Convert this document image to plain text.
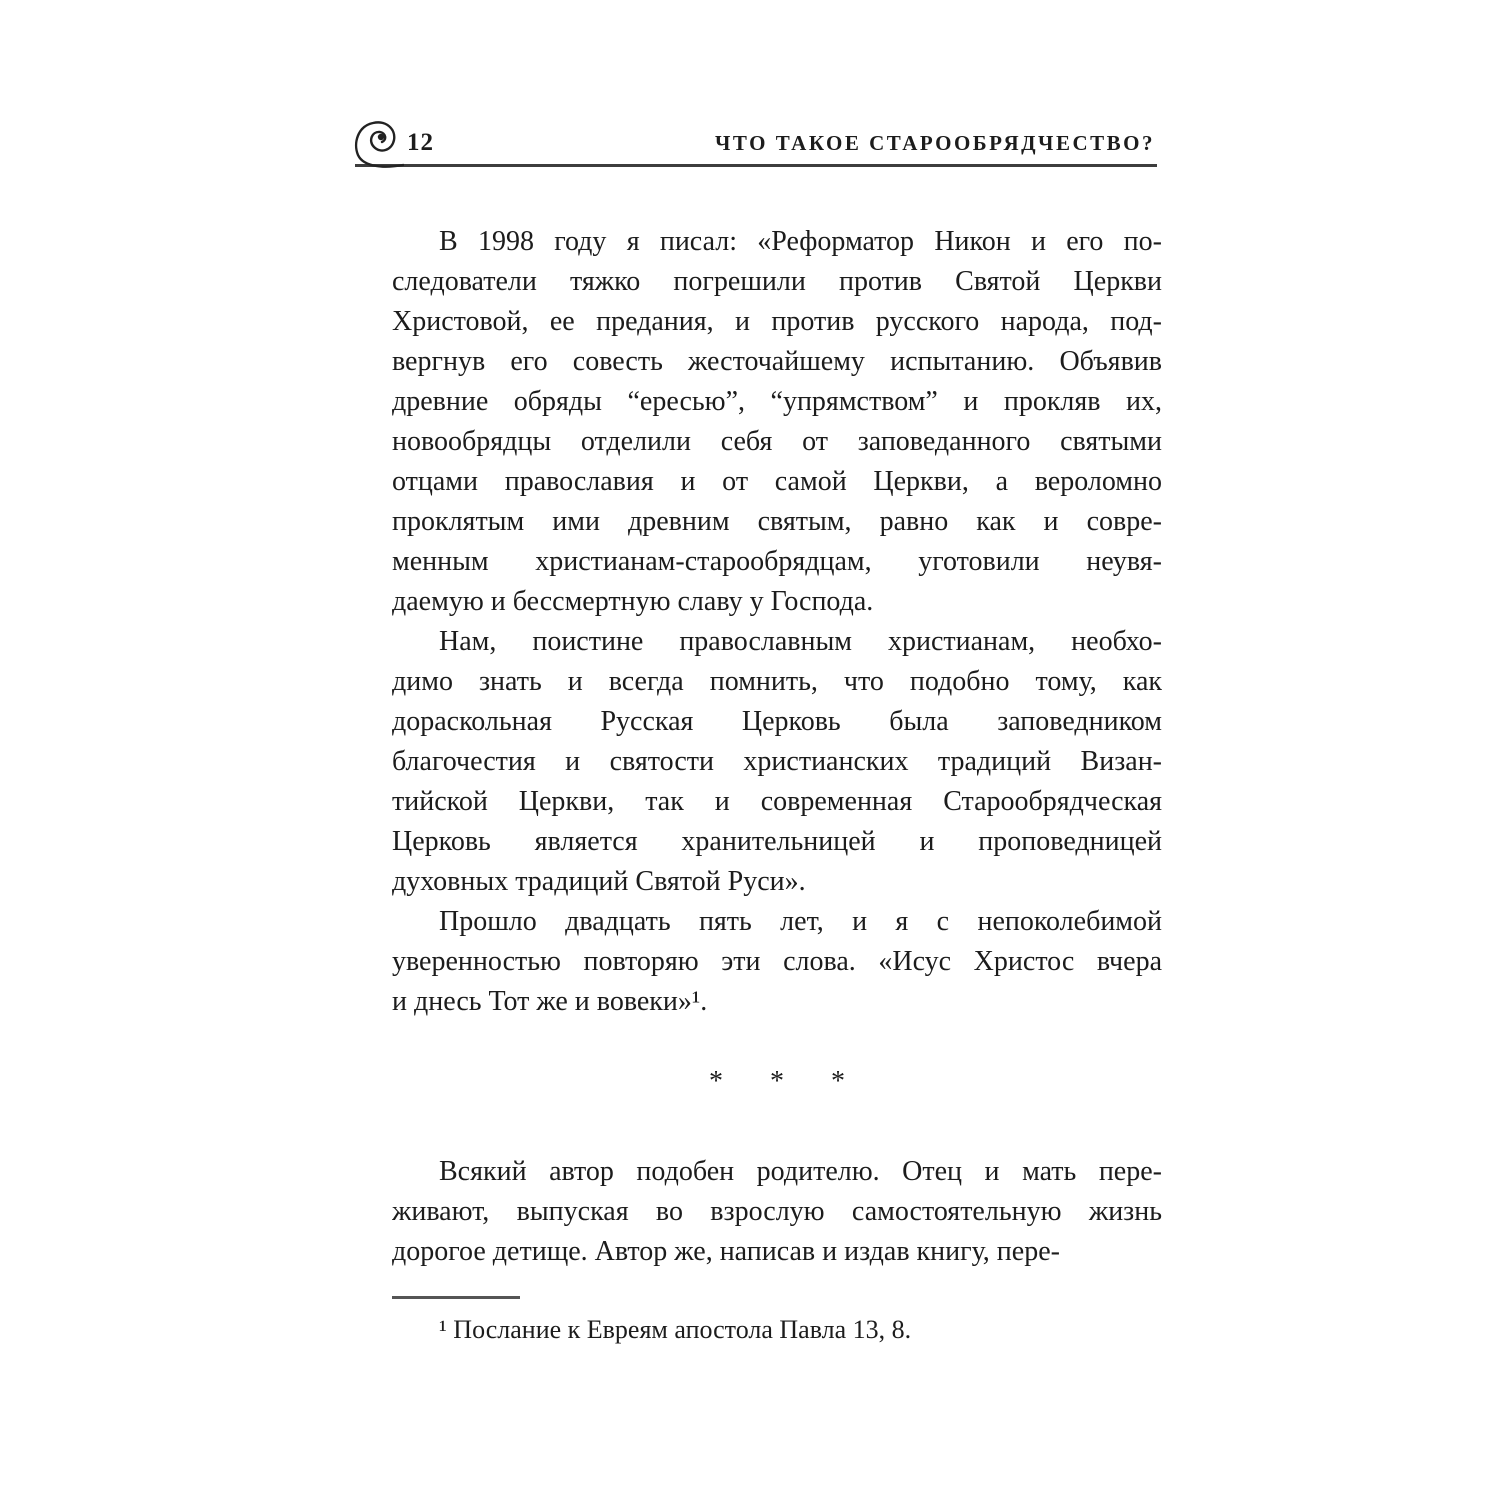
12	ЧТО ТАКОЕ СТАРООБРЯДЧЕСТВО?
В 1998 году я писал: «Реформатор Никон и его по-
следователи тяжко погрешили против Святой Церкви
Христовой, ее предания, и против русского народа, под-
вергнув его совесть жесточайшему испытанию. Объявив
древние обряды “ересью”, “упрямством” и прокляв их,
новообрядцы отделили себя от заповеданного святыми
отцами православия и от самой Церкви, а вероломно
проклятым ими древним святым, равно как и совре-
менным христианам-старообрядцам, уготовили неувя-
даемую и бессмертную славу у Господа.
Нам, поистине православным христианам, необхо-
димо знать и всегда помнить, что подобно тому, как
дораскольная Русская Церковь была заповедником
благочестия и святости христианских традиций Визан-
тийской Церкви, так и современная Старообрядческая
Церковь является хранительницей и проповедницей
духовных традиций Святой Руси».
Прошло двадцать пять лет, и я с непоколебимой
уверенностью повторяю эти слова. «Исус Христос вчера
и днесь Тот же и вовеки»¹.
* * *
Всякий автор подобен родителю. Отец и мать пере-
живают, выпуская во взрослую самостоятельную жизнь
дорогое детище. Автор же, написав и издав книгу, пере-
¹ Послание к Евреям апостола Павла 13, 8.
